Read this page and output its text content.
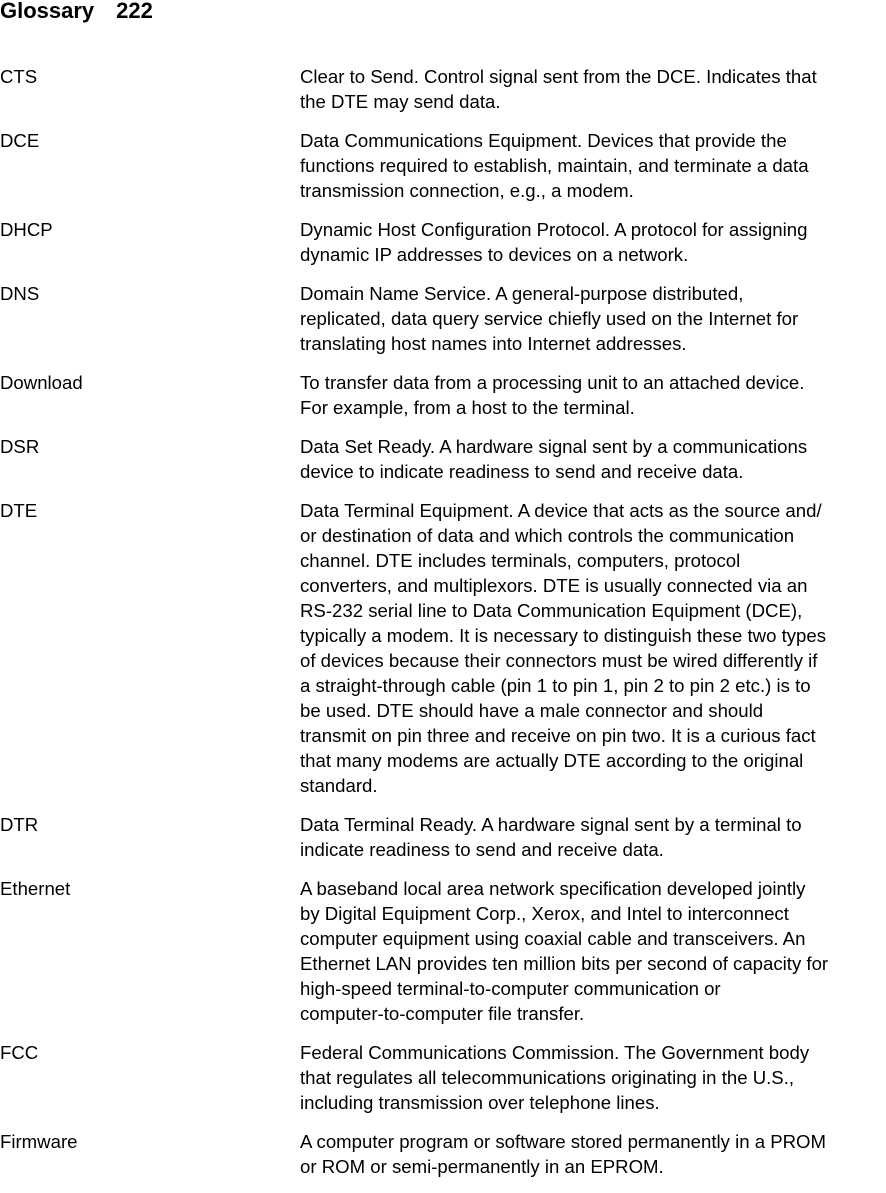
Glossary 222
CTS	Clear to Send. Control signal sent from the DCE. Indicates that
the DTE may send data.
DCE	Data Communications Equipment. Devices that provide the
functions required to establish, maintain, and terminate a data
transmission connection, e.g., a modem.
DHCP	Dynamic Host Configuration Protocol. A protocol for assigning
dynamic IP addresses to devices on a network.
DNS	Domain Name Service. A general-purpose distributed,
replicated, data query service chiefly used on the Internet for
translating host names into Internet addresses.
Download	To transfer data from a processing unit to an attached device.
For example, from a host to the terminal.
DSR	Data Set Ready. A hardware signal sent by a communications
device to indicate readiness to send and receive data.
DTE	Data Terminal Equipment. A device that acts as the source and/
or destination of data and which controls the communication
channel. DTE includes terminals, computers, protocol
converters, and multiplexors. DTE is usually connected via an
RS-232 serial line to Data Communication Equipment (DCE),
typically a modem. It is necessary to distinguish these two types
of devices because their connectors must be wired differently if
a straight-through cable (pin 1 to pin 1, pin 2 to pin 2 etc.) is to
be used. DTE should have a male connector and should
transmit on pin three and receive on pin two. It is a curious fact
that many modems are actually DTE according to the original
standard.
DTR	Data Terminal Ready. A hardware signal sent by a terminal to
indicate readiness to send and receive data.
Ethernet	A baseband local area network specification developed jointly
by Digital Equipment Corp., Xerox, and Intel to interconnect
computer equipment using coaxial cable and transceivers. An
Ethernet LAN provides ten million bits per second of capacity for
high-speed terminal-to-computer communication or
computer-to-computer file transfer.
FCC	Federal Communications Commission. The Government body
that regulates all telecommunications originating in the U.S.,
including transmission over telephone lines.
Firmware	A computer program or software stored permanently in a PROM
or ROM or semi-permanently in an EPROM.
